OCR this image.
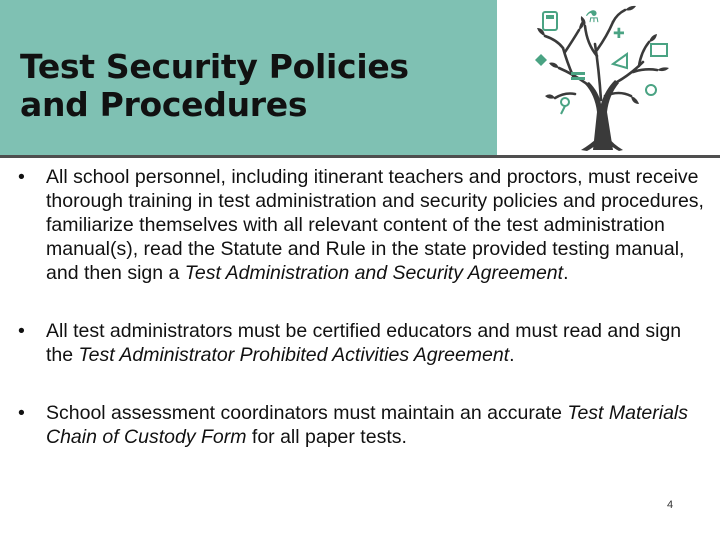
Test Security Policies
and Procedures
⚗
✚
• All school personnel, including itinerant teachers and proctors, must receive thorough training in test administration and security policies and procedures, familiarize themselves with all relevant content of the test administration manual(s), read the Statute and Rule in the state provided testing manual, and then sign a Test Administration and Security Agreement.
• All test administrators must be certified educators and must read and sign the Test Administrator Prohibited Activities Agreement.
• School assessment coordinators must maintain an accurate Test Materials Chain of Custody Form for all paper tests.
4
